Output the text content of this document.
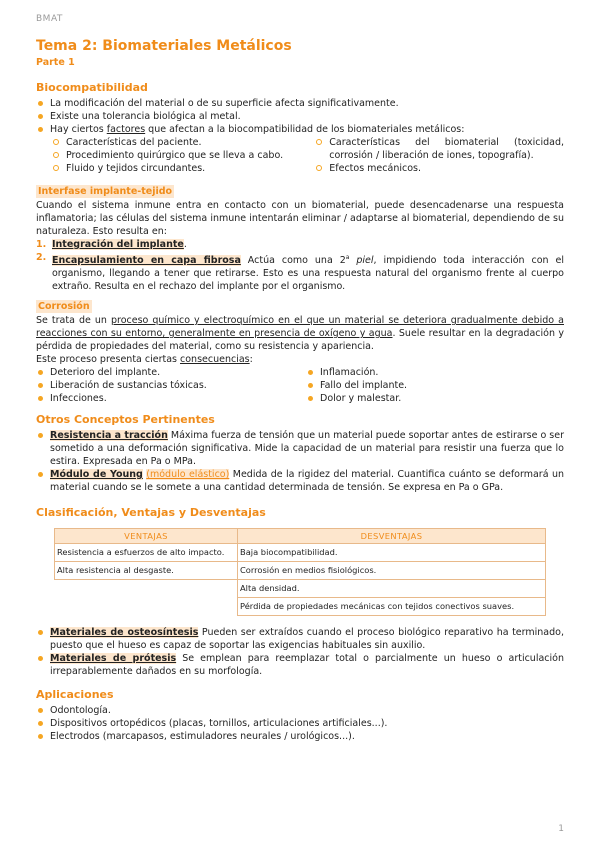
BMAT
Tema 2: Biomateriales Metálicos
Parte 1
Biocompatibilidad
La modificación del material o de su superficie afecta significativamente.
Existe una tolerancia biológica al metal.
Hay ciertos factores que afectan a la biocompatibilidad de los biomateriales metálicos:
Características del paciente.
Procedimiento quirúrgico que se lleva a cabo.
Fluido y tejidos circundantes.
Características del biomaterial (toxicidad, corrosión / liberación de iones, topografía).
Efectos mecánicos.
Interfase implante-tejido
Cuando el sistema inmune entra en contacto con un biomaterial, puede desencadenarse una respuesta inflamatoria; las células del sistema inmune intentarán eliminar / adaptarse al biomaterial, dependiendo de su naturaleza. Esto resulta en:
1. Integración del implante.
2. Encapsulamiento en capa fibrosa Actúa como una 2$^a$ piel, impidiendo toda interacción con el organismo, llegando a tener que retirarse. Esto es una respuesta natural del organismo frente al cuerpo extraño. Resulta en el rechazo del implante por el organismo.
Corrosión
Se trata de un proceso químico y electroquímico en el que un material se deteriora gradualmente debido a reacciones con su entorno, generalmente en presencia de oxígeno y agua. Suele resultar en la degradación y pérdida de propiedades del material, como su resistencia y apariencia.
Este proceso presenta ciertas consecuencias:
Deterioro del implante.
Liberación de sustancias tóxicas.
Infecciones.
Inflamación.
Fallo del implante.
Dolor y malestar.
Otros Conceptos Pertinentes
Resistencia a tracción Máxima fuerza de tensión que un material puede soportar antes de estirarse o ser sometido a una deformación significativa. Mide la capacidad de un material para resistir una fuerza que lo estira. Expresada en Pa o MPa.
Módulo de Young (módulo elástico) Medida de la rigidez del material. Cuantifica cuánto se deformará un material cuando se le somete a una cantidad determinada de tensión. Se expresa en Pa o GPa.
Clasificación, Ventajas y Desventajas
VENTAJAS	DESVENTAJAS
Resistencia a esfuerzos de alto impacto.	Baja biocompatibilidad.
Alta resistencia al desgaste.	Corrosión en medios fisiológicos.
	Alta densidad.
	Pérdida de propiedades mecánicas con tejidos conectivos suaves.
Materiales de osteosíntesis Pueden ser extraídos cuando el proceso biológico reparativo ha terminado, puesto que el hueso es capaz de soportar las exigencias habituales sin auxilio.
Materiales de prótesis Se emplean para reemplazar total o parcialmente un hueso o articulación irreparablemente dañados en su morfología.
Aplicaciones
Odontología.
Dispositivos ortopédicos (placas, tornillos, articulaciones artificiales...).
Electrodos (marcapasos, estimuladores neurales / urológicos...).
1
